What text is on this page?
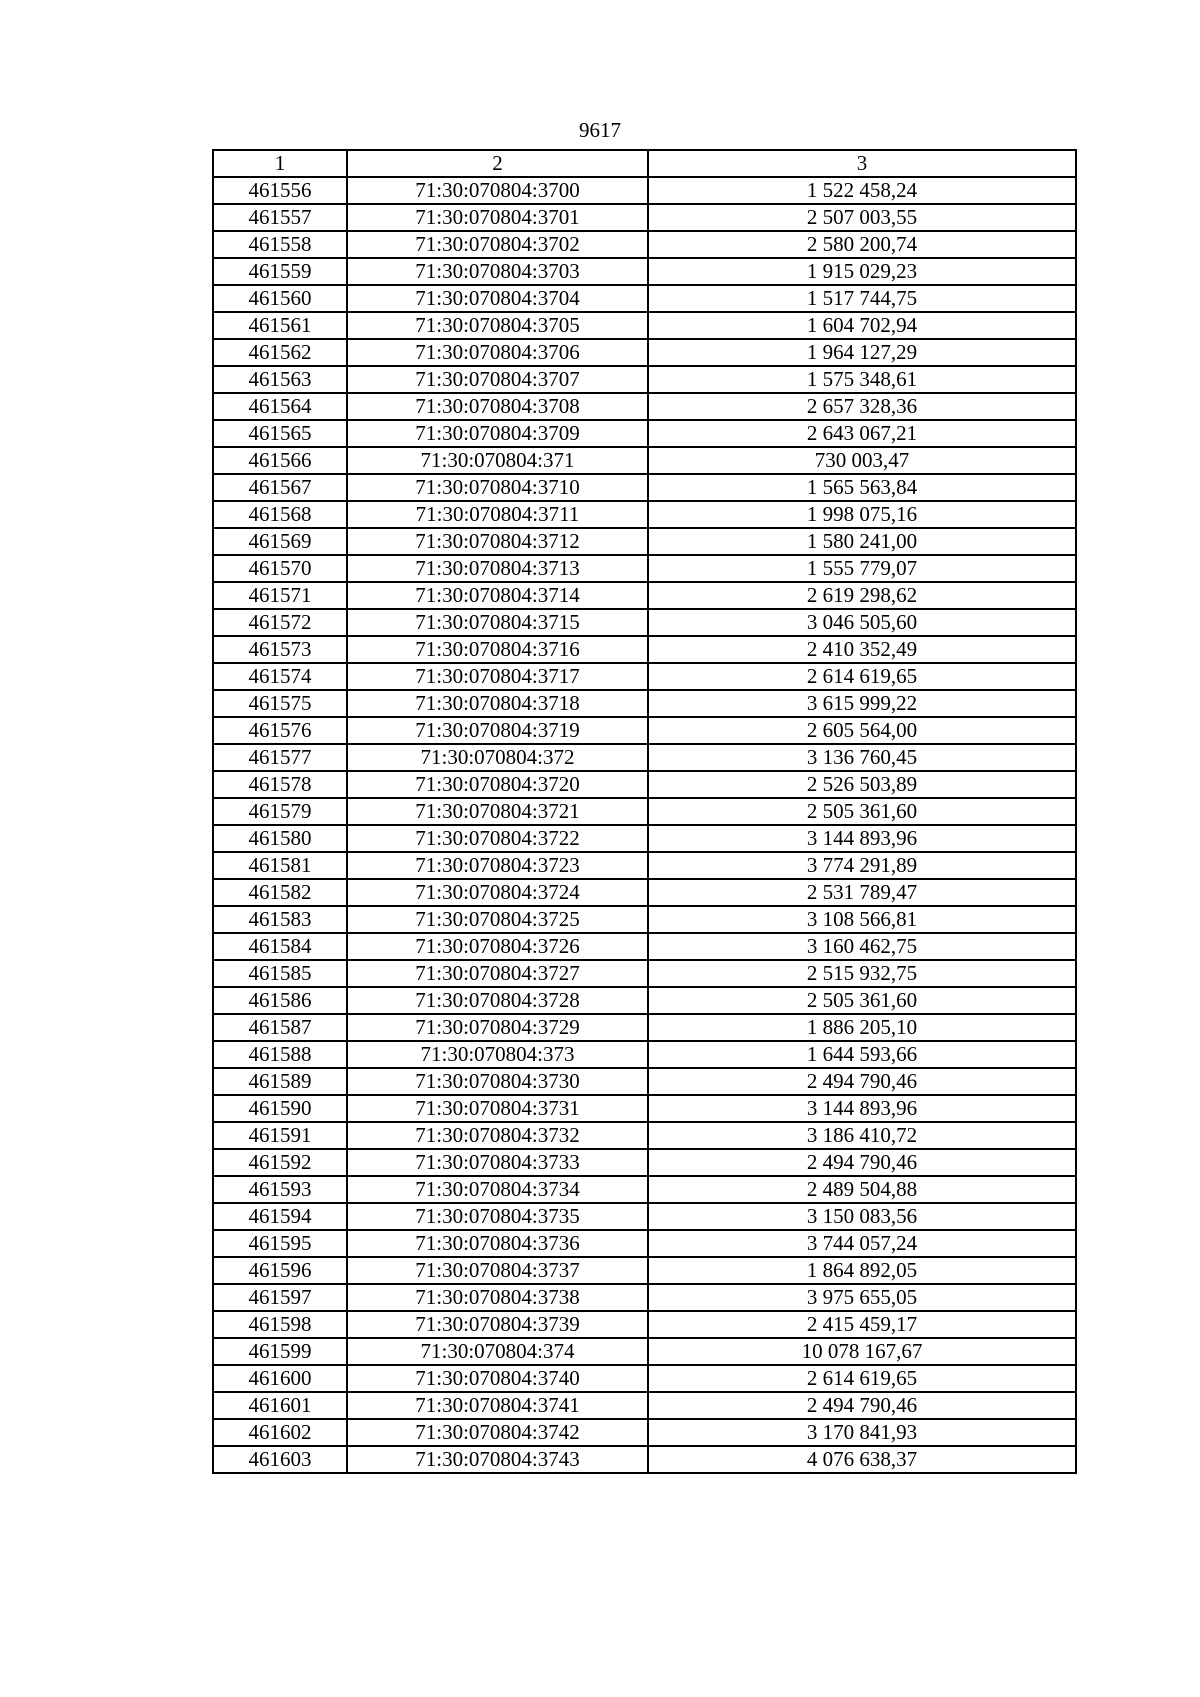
9617
1	2	3
461556	71:30:070804:3700	1 522 458,24
461557	71:30:070804:3701	2 507 003,55
461558	71:30:070804:3702	2 580 200,74
461559	71:30:070804:3703	1 915 029,23
461560	71:30:070804:3704	1 517 744,75
461561	71:30:070804:3705	1 604 702,94
461562	71:30:070804:3706	1 964 127,29
461563	71:30:070804:3707	1 575 348,61
461564	71:30:070804:3708	2 657 328,36
461565	71:30:070804:3709	2 643 067,21
461566	71:30:070804:371	730 003,47
461567	71:30:070804:3710	1 565 563,84
461568	71:30:070804:3711	1 998 075,16
461569	71:30:070804:3712	1 580 241,00
461570	71:30:070804:3713	1 555 779,07
461571	71:30:070804:3714	2 619 298,62
461572	71:30:070804:3715	3 046 505,60
461573	71:30:070804:3716	2 410 352,49
461574	71:30:070804:3717	2 614 619,65
461575	71:30:070804:3718	3 615 999,22
461576	71:30:070804:3719	2 605 564,00
461577	71:30:070804:372	3 136 760,45
461578	71:30:070804:3720	2 526 503,89
461579	71:30:070804:3721	2 505 361,60
461580	71:30:070804:3722	3 144 893,96
461581	71:30:070804:3723	3 774 291,89
461582	71:30:070804:3724	2 531 789,47
461583	71:30:070804:3725	3 108 566,81
461584	71:30:070804:3726	3 160 462,75
461585	71:30:070804:3727	2 515 932,75
461586	71:30:070804:3728	2 505 361,60
461587	71:30:070804:3729	1 886 205,10
461588	71:30:070804:373	1 644 593,66
461589	71:30:070804:3730	2 494 790,46
461590	71:30:070804:3731	3 144 893,96
461591	71:30:070804:3732	3 186 410,72
461592	71:30:070804:3733	2 494 790,46
461593	71:30:070804:3734	2 489 504,88
461594	71:30:070804:3735	3 150 083,56
461595	71:30:070804:3736	3 744 057,24
461596	71:30:070804:3737	1 864 892,05
461597	71:30:070804:3738	3 975 655,05
461598	71:30:070804:3739	2 415 459,17
461599	71:30:070804:374	10 078 167,67
461600	71:30:070804:3740	2 614 619,65
461601	71:30:070804:3741	2 494 790,46
461602	71:30:070804:3742	3 170 841,93
461603	71:30:070804:3743	4 076 638,37
